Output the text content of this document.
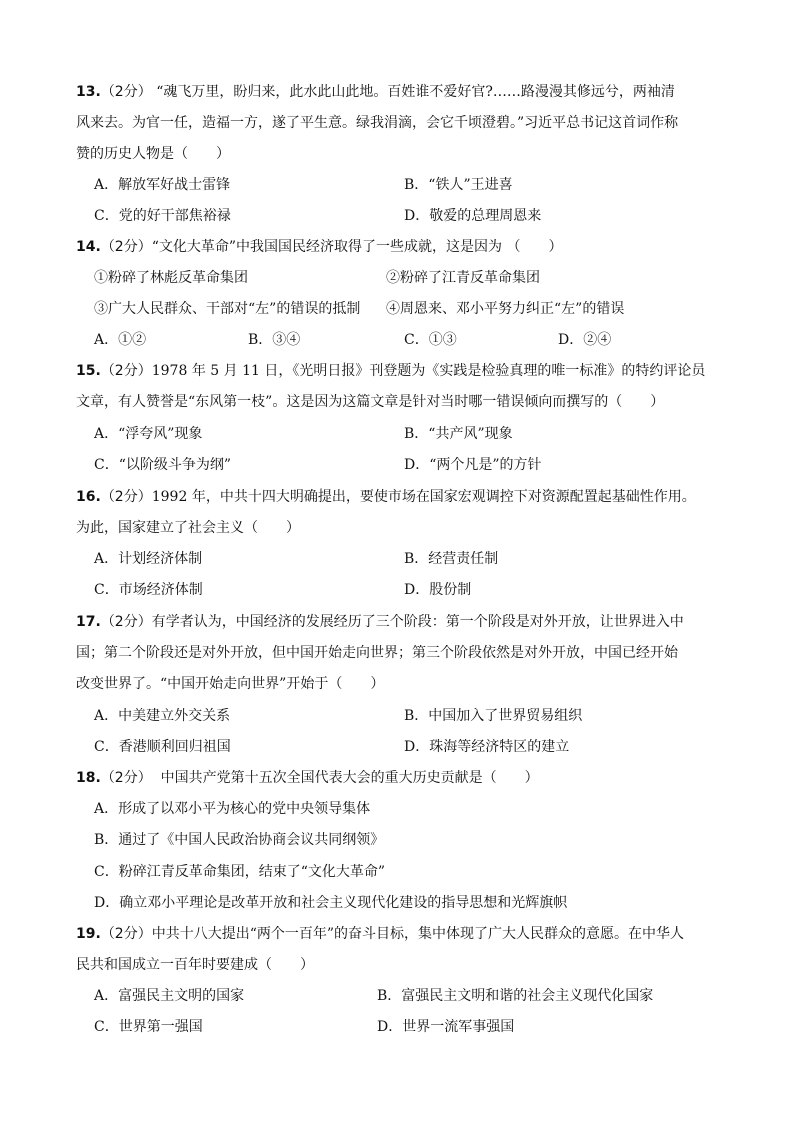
13.（2分） “魂飞万里，盼归来，此水此山此地。百姓谁不爱好官?……路漫漫其修远兮，两袖清
风来去。为官一任，造福一方，遂了平生意。绿我涓滴，会它千顷澄碧。”习近平总书记这首词作称
赞的历史人物是（　　）
A．解放军好战士雷锋	B．“铁人”王进喜
C．党的好干部焦裕禄	D．敬爱的总理周恩来
14.（2分）“文化大革命”中我国国民经济取得了一些成就，这是因为 （　　）
①粉碎了林彪反革命集团	②粉碎了江青反革命集团
③广大人民群众、干部对“左”的错误的抵制 ④周恩来、邓小平努力纠正“左”的错误
A．①②	B．③④	C．①③	D．②④
15.（2分）1978 年 5 月 11 日，《光明日报》刊登题为《实践是检验真理的唯一标准》的特约评论员
文章，有人赞誉是“东风第一枝”。这是因为这篇文章是针对当时哪一错误倾向而撰写的（　　）
A．“浮夸风”现象	B．“共产风”现象
C．“以阶级斗争为纲”	D．“两个凡是”的方针
16.（2分）1992 年，中共十四大明确提出，要使市场在国家宏观调控下对资源配置起基础性作用。
为此，国家建立了社会主义（　　）
A．计划经济体制	B．经营责任制
C．市场经济体制	D．股份制
17.（2分）有学者认为，中国经济的发展经历了三个阶段：第一个阶段是对外开放，让世界进入中
国；第二个阶段还是对外开放，但中国开始走向世界；第三个阶段依然是对外开放，中国已经开始
改变世界了。“中国开始走向世界”开始于（　　）
A．中美建立外交关系	B．中国加入了世界贸易组织
C．香港顺利回归祖国	D．珠海等经济特区的建立
18.（2分） 中国共产党第十五次全国代表大会的重大历史贡献是（　　）
A．形成了以邓小平为核心的党中央领导集体
B．通过了《中国人民政治协商会议共同纲领》
C．粉碎江青反革命集团，结束了“文化大革命”
D．确立邓小平理论是改革开放和社会主义现代化建设的指导思想和光辉旗帜
19.（2分）中共十八大提出“两个一百年”的奋斗目标，集中体现了广大人民群众的意愿。在中华人
民共和国成立一百年时要建成（　　）
A．富强民主文明的国家	B．富强民主文明和谐的社会主义现代化国家
C．世界第一强国	D．世界一流军事强国
